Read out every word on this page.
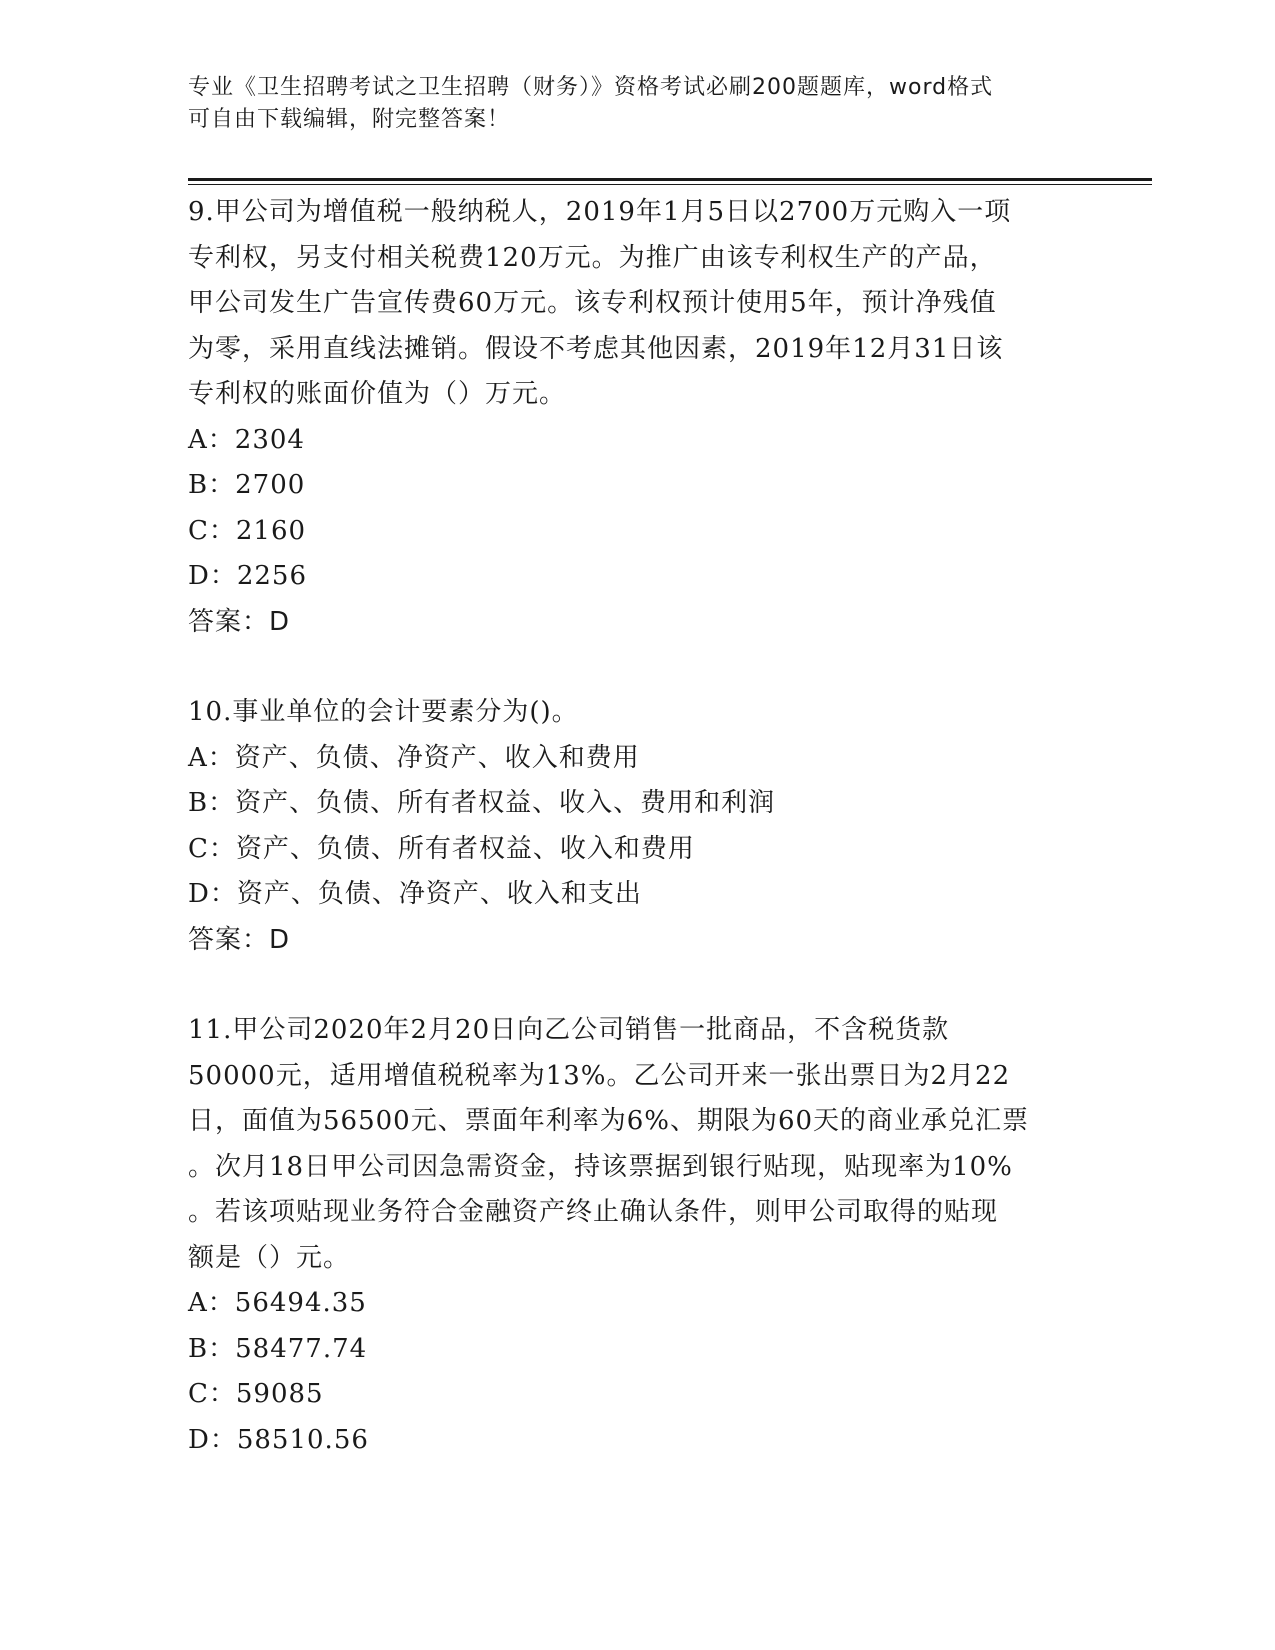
专业《卫生招聘考试之卫生招聘（财务）》资格考试必刷200题题库，word格式
可自由下载编辑，附完整答案！

9.甲公司为增值税一般纳税人，2019年1月5日以2700万元购入一项

专利权，另支付相关税费120万元。为推广由该专利权生产的产品，

甲公司发生广告宣传费60万元。该专利权预计使用5年，预计净残值

为零，采用直线法摊销。假设不考虑其他因素，2019年12月31日该

专利权的账面价值为（）万元。

A：2304

B：2700

C：2160

D：2256

答案：D

10.事业单位的会计要素分为()。

A：资产、负债、净资产、收入和费用

B：资产、负债、所有者权益、收入、费用和利润

C：资产、负债、所有者权益、收入和费用

D：资产、负债、净资产、收入和支出

答案：D

11.甲公司2020年2月20日向乙公司销售一批商品，不含税货款

50000元，适用增值税税率为13%。乙公司开来一张出票日为2月22

日，面值为56500元、票面年利率为6%、期限为60天的商业承兑汇票

。次月18日甲公司因急需资金，持该票据到银行贴现，贴现率为10%

。若该项贴现业务符合金融资产终止确认条件，则甲公司取得的贴现

额是（）元。

A：56494.35

B：58477.74

C：59085

D：58510.56
